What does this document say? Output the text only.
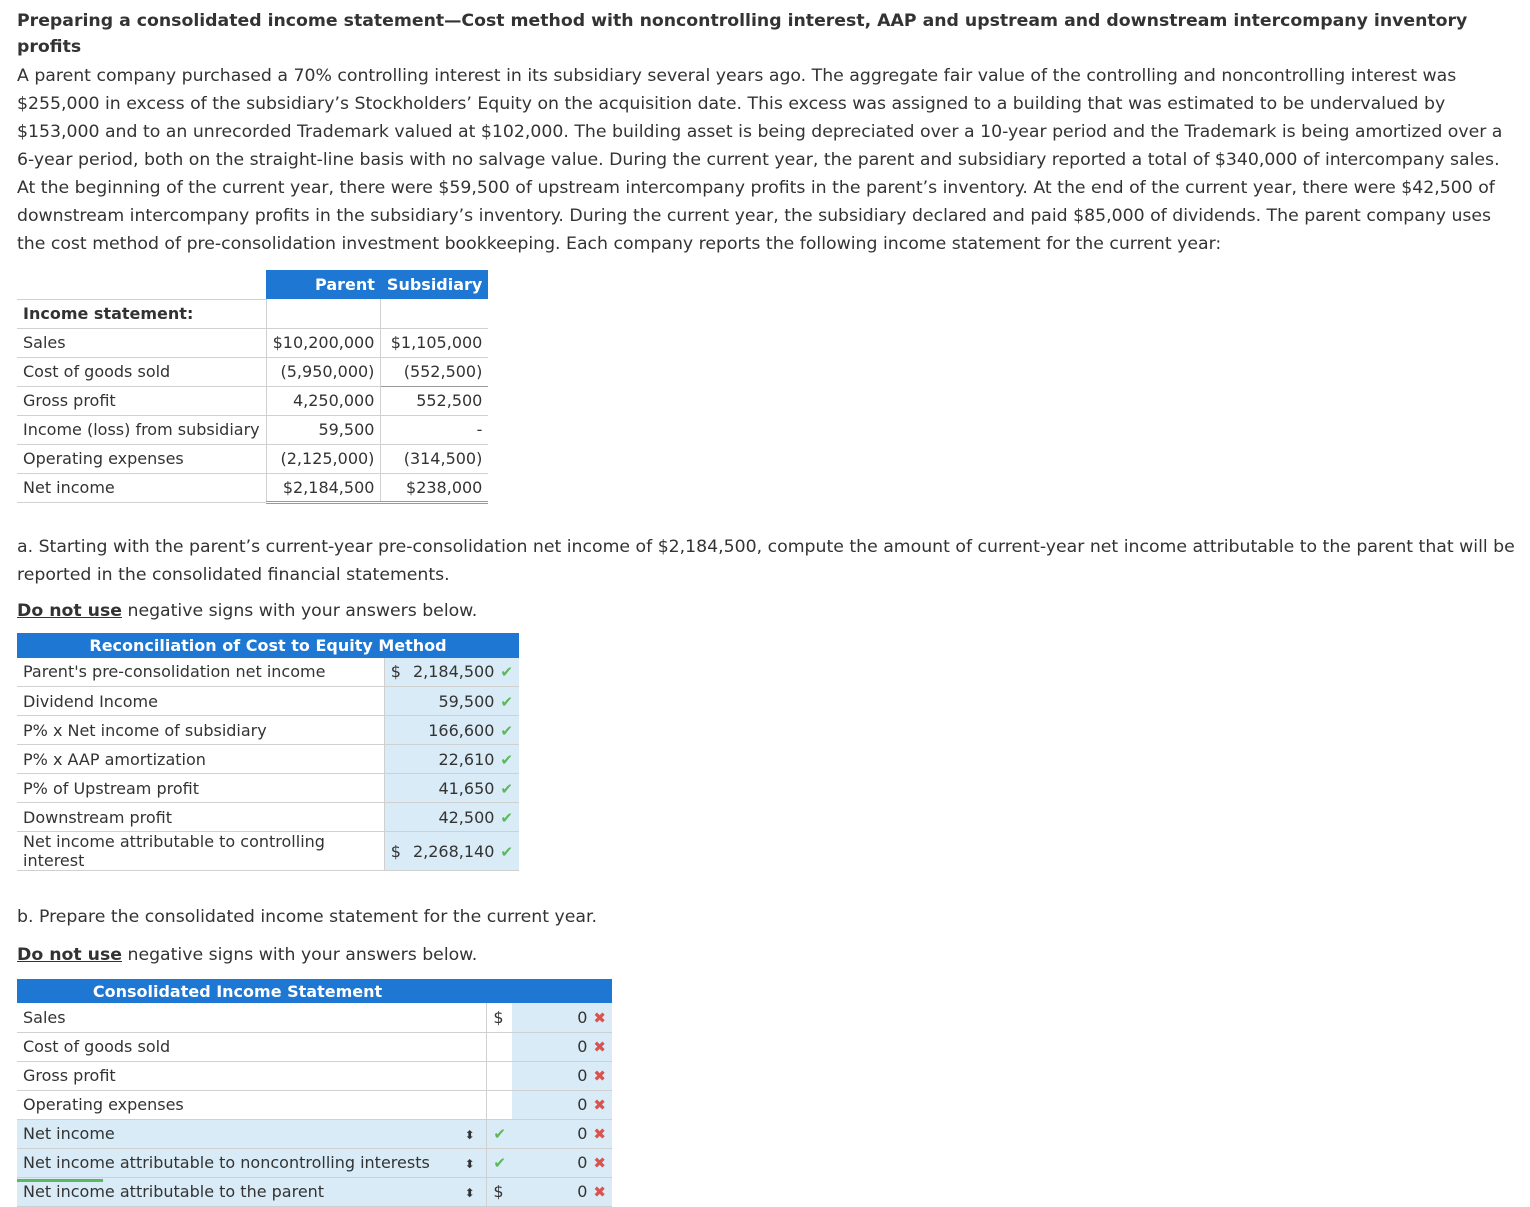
Preparing a consolidated income statement—Cost method with noncontrolling interest, AAP and upstream and downstream intercompany inventory profits

A parent company purchased a 70% controlling interest in its subsidiary several years ago. The aggregate fair value of the controlling and noncontrolling interest was $255,000 in excess of the subsidiary’s Stockholders’ Equity on the acquisition date. This excess was assigned to a building that was estimated to be undervalued by $153,000 and to an unrecorded Trademark valued at $102,000. The building asset is being depreciated over a 10-year period and the Trademark is being amortized over a 6-year period, both on the straight-line basis with no salvage value. During the current year, the parent and subsidiary reported a total of $340,000 of intercompany sales. At the beginning of the current year, there were $59,500 of upstream intercompany profits in the parent’s inventory. At the end of the current year, there were $42,500 of downstream intercompany profits in the subsidiary’s inventory. During the current year, the subsidiary declared and paid $85,000 of dividends. The parent company uses the cost method of pre-consolidation investment bookkeeping. Each company reports the following income statement for the current year:

	Parent	Subsidiary
Income statement:		
Sales	$10,200,000	$1,105,000
Cost of goods sold	(5,950,000)	(552,500)
Gross profit	4,250,000	552,500
Income (loss) from subsidiary	59,500	-
Operating expenses	(2,125,000)	(314,500)
Net income	$2,184,500	$238,000

a. Starting with the parent’s current-year pre-consolidation net income of $2,184,500, compute the amount of current-year net income attributable to the parent that will be reported in the consolidated financial statements.

Do not use negative signs with your answers below.

Reconciliation of Cost to Equity Method		
Parent's pre-consolidation net income	$	2,184,500 ✔
Dividend Income		59,500 ✔
P% x Net income of subsidiary		166,600 ✔
P% x AAP amortization		22,610 ✔
P% of Upstream profit		41,650 ✔
Downstream profit		42,500 ✔
Net income attributable to controlling interest	$	2,268,140 ✔

b. Prepare the consolidated income statement for the current year.

Do not use negative signs with your answers below.

Consolidated Income Statement			
Sales		$	0 ✖
Cost of goods sold			0 ✖
Gross profit			0 ✖
Operating expenses			0 ✖
Net income	⬍	✔	0 ✖
Net income attributable to noncontrolling interests	⬍	✔	0 ✖
Net income attributable to the parent	⬍	$	0 ✖
